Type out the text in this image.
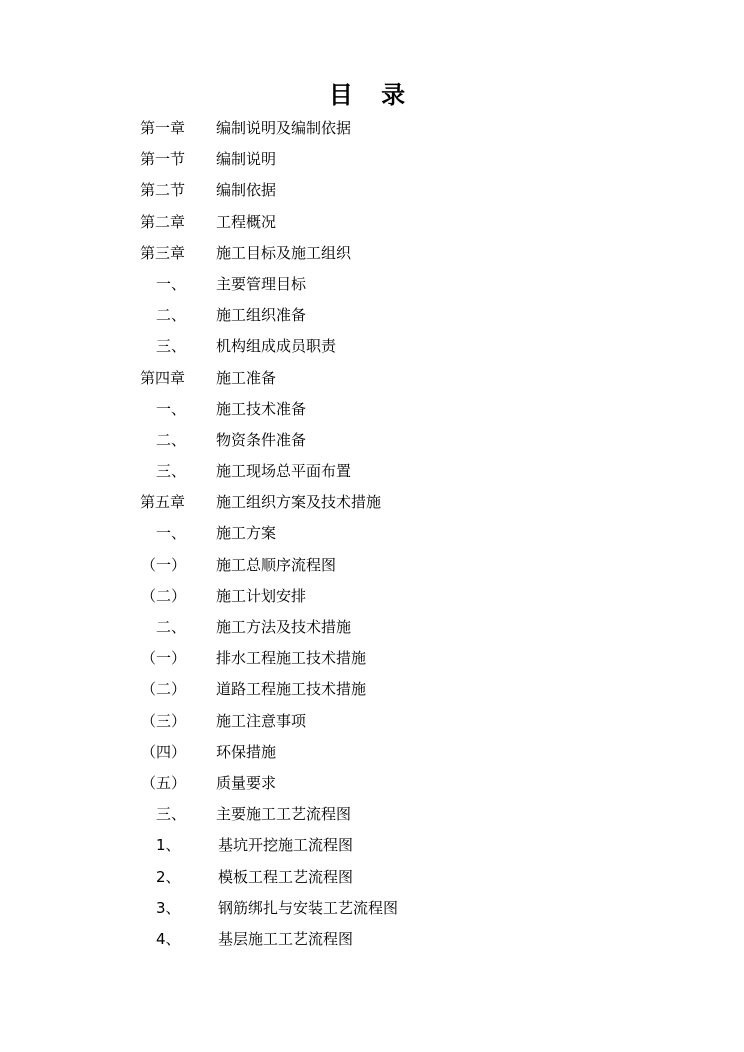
目 录
第一章 编制说明及编制依据
第一节 编制说明
第二节 编制依据
第二章 工程概况
第三章 施工目标及施工组织
一、 主要管理目标
二、 施工组织准备
三、 机构组成成员职责
第四章 施工准备
一、 施工技术准备
二、 物资条件准备
三、 施工现场总平面布置
第五章 施工组织方案及技术措施
一、 施工方案
（一） 施工总顺序流程图
（二） 施工计划安排
二、 施工方法及技术措施
（一） 排水工程施工技术措施
（二） 道路工程施工技术措施
（三） 施工注意事项
（四） 环保措施
（五） 质量要求
三、 主要施工工艺流程图
1、 基坑开挖施工流程图
2、 模板工程工艺流程图
3、 钢筋绑扎与安装工艺流程图
4、 基层施工工艺流程图
